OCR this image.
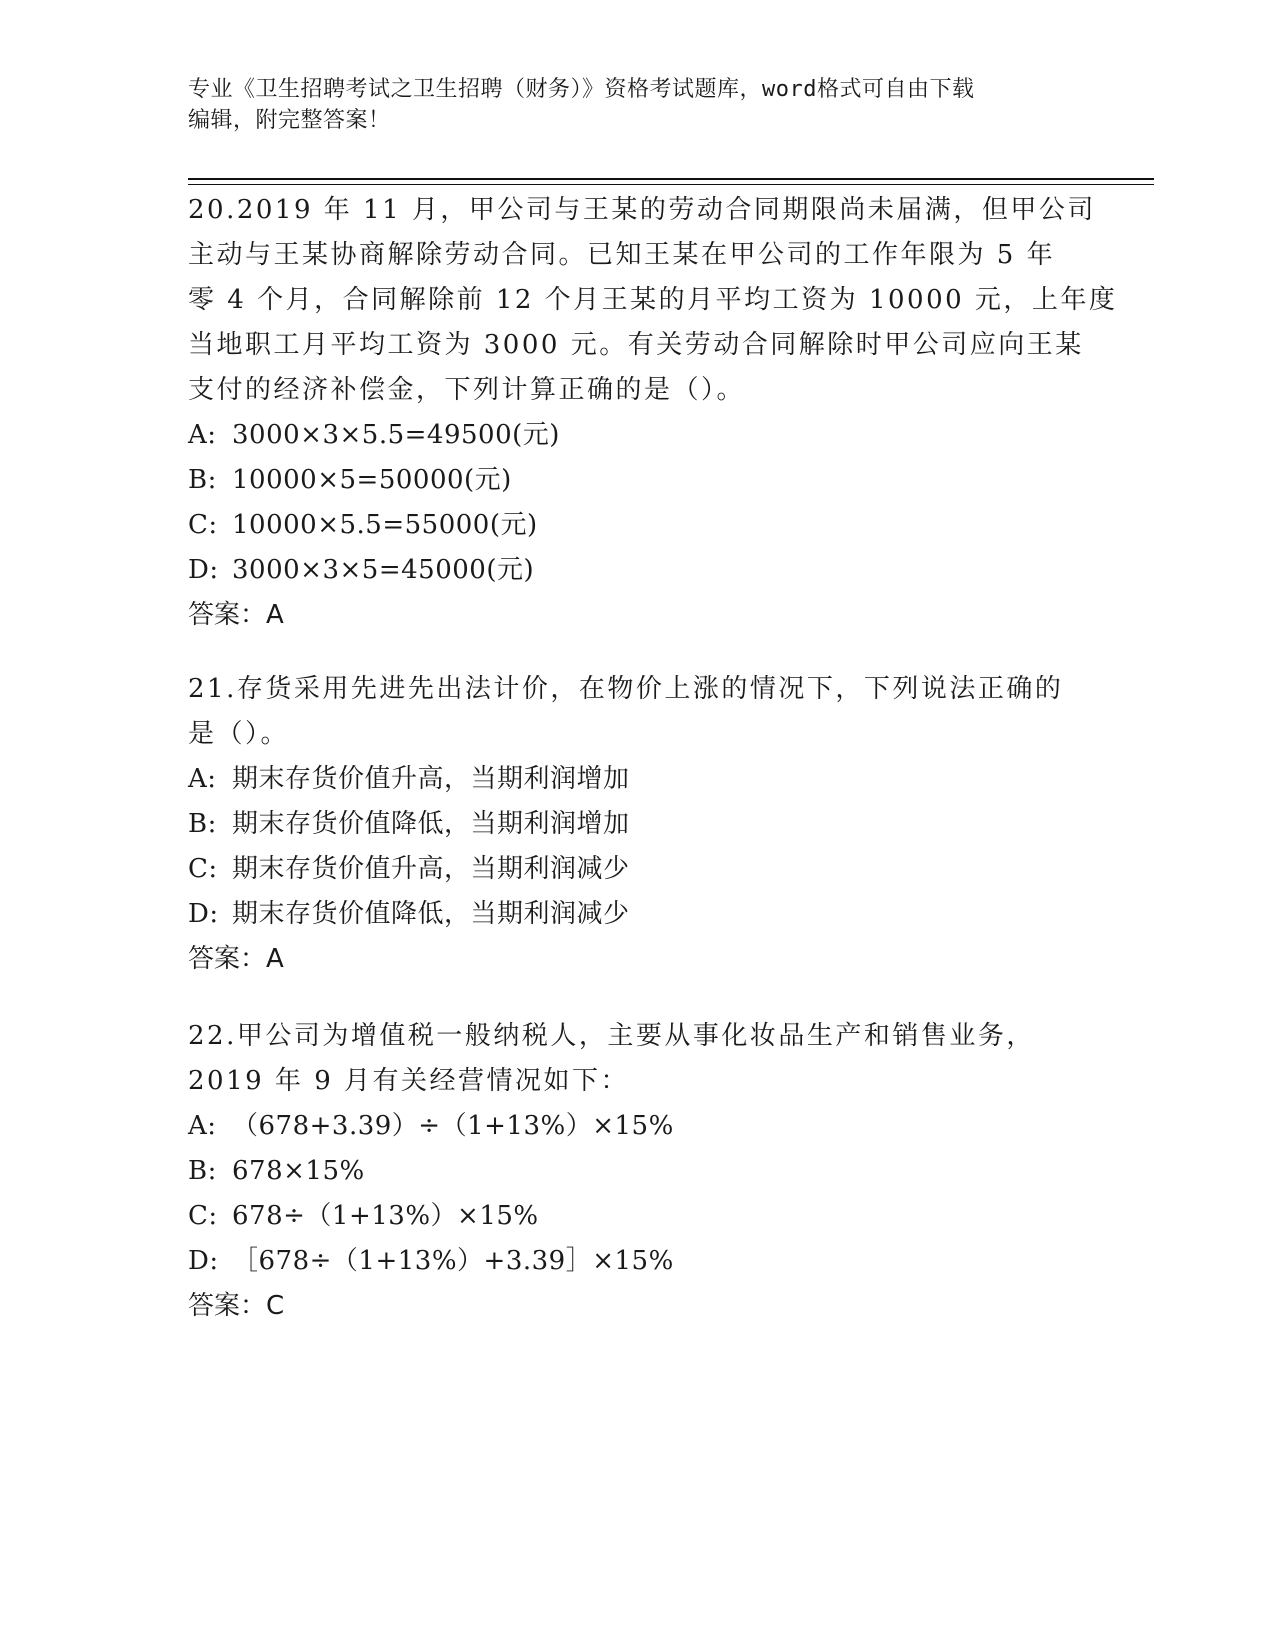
专业《卫生招聘考试之卫生招聘（财务）》资格考试题库，word格式可自由下载
编辑，附完整答案！
20.2019 年 11 月，甲公司与王某的劳动合同期限尚未届满，但甲公司
主动与王某协商解除劳动合同。已知王某在甲公司的工作年限为 5 年
零 4 个月，合同解除前 12 个月王某的月平均工资为 10000 元，上年度
当地职工月平均工资为 3000 元。有关劳动合同解除时甲公司应向王某
支付的经济补偿金，下列计算正确的是（）。
A: 3000×3×5.5=49500(元)
B: 10000×5=50000(元)
C: 10000×5.5=55000(元)
D: 3000×3×5=45000(元)
答案：A
21.存货采用先进先出法计价，在物价上涨的情况下，下列说法正确的
是（）。
A: 期末存货价值升高，当期利润增加
B: 期末存货价值降低，当期利润增加
C: 期末存货价值升高，当期利润减少
D: 期末存货价值降低，当期利润减少
答案：A
22.甲公司为增值税一般纳税人，主要从事化妆品生产和销售业务，
2019 年 9 月有关经营情况如下：
A: （678+3.39）÷（1+13%）×15%
B: 678×15%
C: 678÷（1+13%）×15%
D: ［678÷（1+13%）+3.39］×15%
答案：C
